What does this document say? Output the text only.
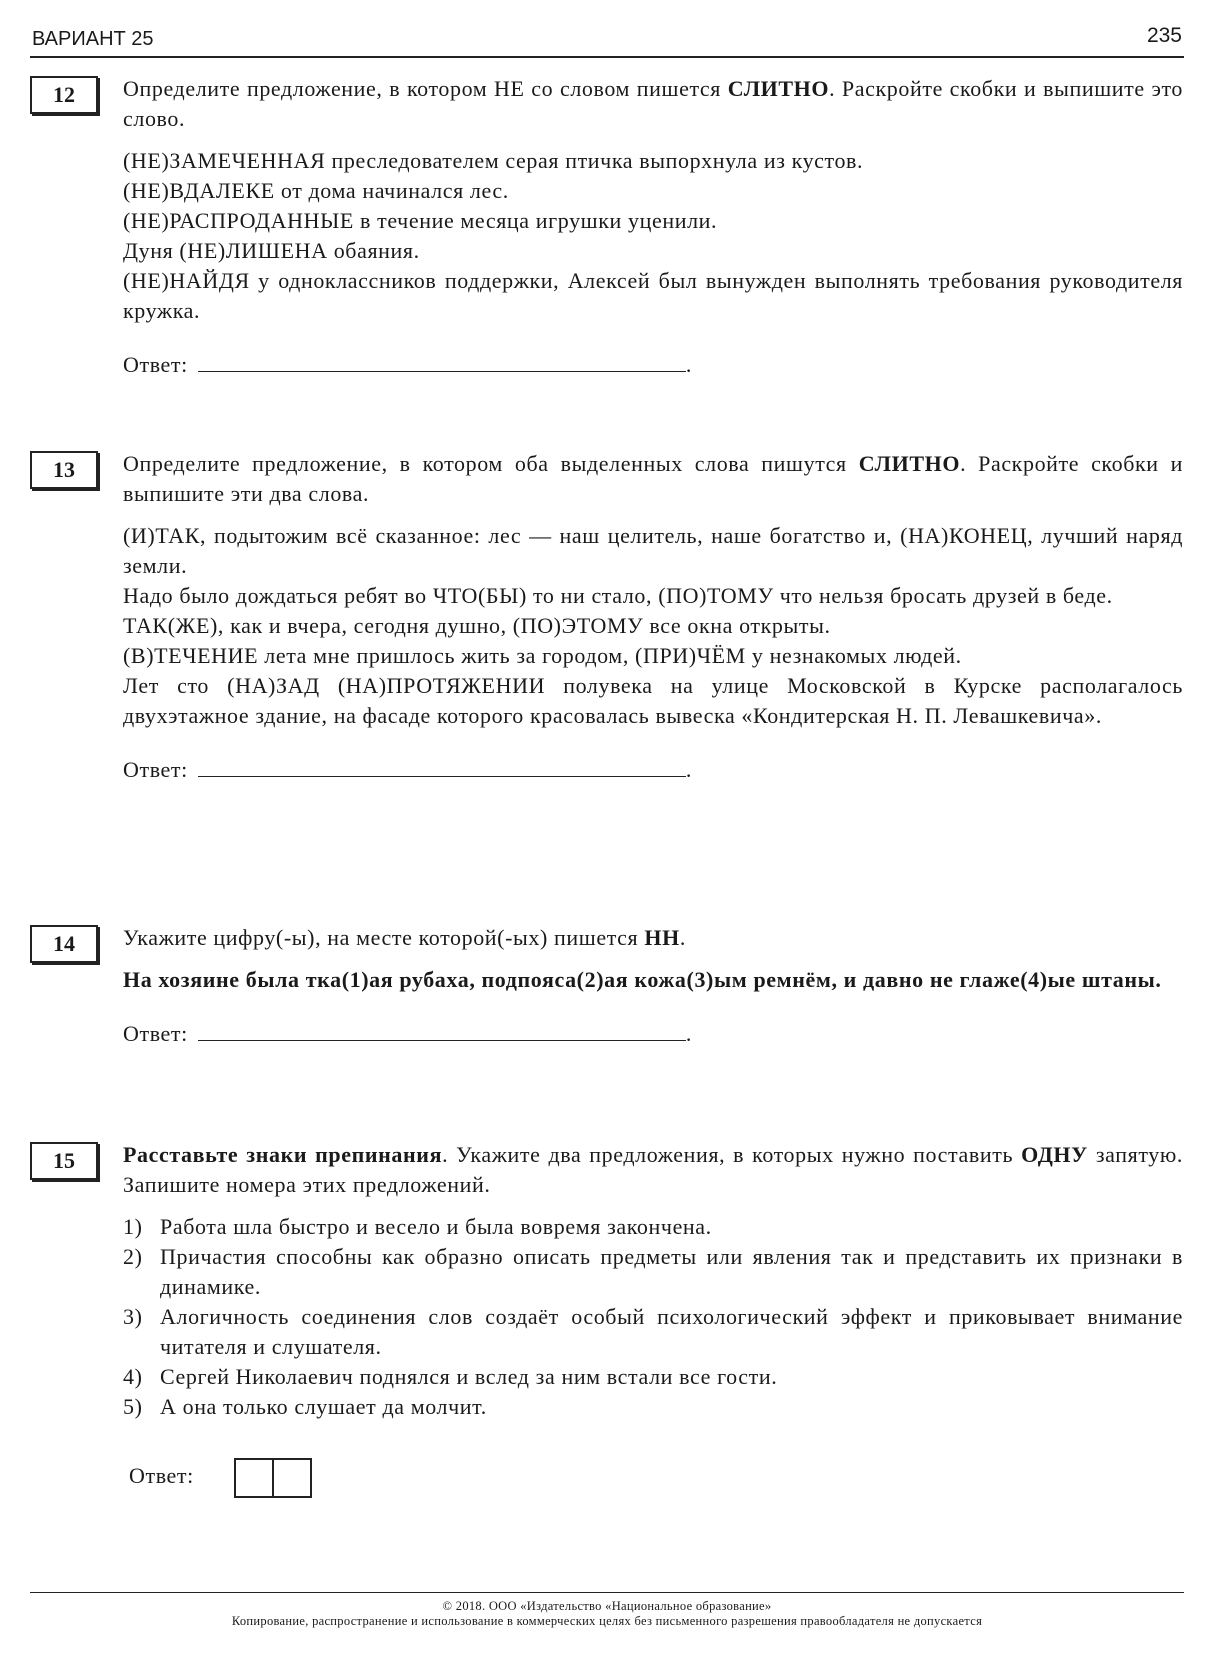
ВАРИАНТ 25	235
12	Определите предложение, в котором НЕ со словом пишется СЛИТНО. Раскройте скобки и выпишите это слово.

(НЕ)ЗАМЕЧЕННАЯ преследователем серая птичка выпорхнула из кустов.

(НЕ)ВДАЛЕКЕ от дома начинался лес.

(НЕ)РАСПРОДАННЫЕ в течение месяца игрушки уценили.

Дуня (НЕ)ЛИШЕНА обаяния.

(НЕ)НАЙДЯ у одноклассников поддержки, Алексей был вынужден выполнять требования руководителя кружка.

Ответ:	.
13	Определите предложение, в котором оба выделенных слова пишутся СЛИТНО. Раскройте скобки и выпишите эти два слова.

(И)ТАК, подытожим всё сказанное: лес — наш целитель, наше богатство и, (НА)КОНЕЦ, лучший наряд земли.

Надо было дождаться ребят во ЧТО(БЫ) то ни стало, (ПО)ТОМУ что нельзя бросать друзей в беде.

ТАК(ЖЕ), как и вчера, сегодня душно, (ПО)ЭТОМУ все окна открыты.

(В)ТЕЧЕНИЕ лета мне пришлось жить за городом, (ПРИ)ЧЁМ у незнакомых людей.

Лет сто (НА)ЗАД (НА)ПРОТЯЖЕНИИ полувека на улице Московской в Курске располагалось двухэтажное здание, на фасаде которого красовалась вывеска «Кондитерская Н. П. Левашкевича».

Ответ:	.
14	Укажите цифру(-ы), на месте которой(-ых) пишется НН.

На хозяине была тка(1)ая рубаха, подпояса(2)ая кожа(3)ым ремнём, и давно не глаже(4)ые штаны.

Ответ:	.
15	Расставьте знаки препинания. Укажите два предложения, в которых нужно поставить ОДНУ запятую. Запишите номера этих предложений.

1) Работа шла быстро и весело и была вовремя закончена.
2) Причастия способны как образно описать предметы или явления так и представить их признаки в динамике.
3) Алогичность соединения слов создаёт особый психологический эффект и приковывает внимание читателя и слушателя.
4) Сергей Николаевич поднялся и вслед за ним встали все гости.
5) А она только слушает да молчит.
Ответ:
© 2018. ООО «Издательство «Национальное образование»
Копирование, распространение и использование в коммерческих целях без письменного разрешения правообладателя не допускается
